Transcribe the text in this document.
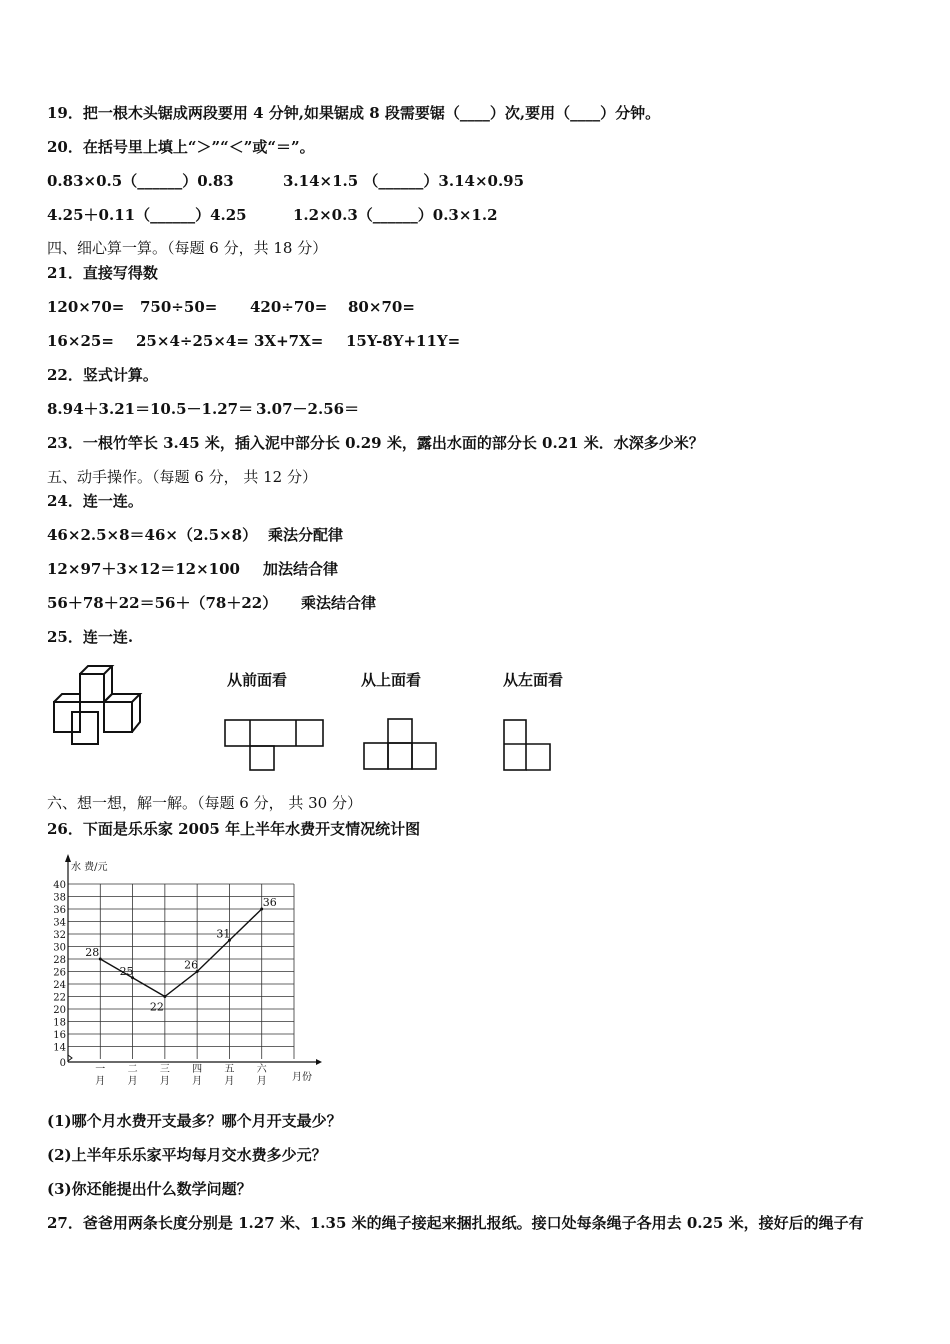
19．把一根木头锯成两段要用 4 分钟,如果锯成 8 段需要锯（____）次,要用（____）分钟。
20．在括号里上填上“＞”“＜”或“＝”。
0.83×0.5（______）0.83	3.14×1.5 （______）3.14×0.95
4.25＋0.11（______）4.25	1.2×0.3（______）0.3×1.2
四、细心算一算。（每题 6 分，共 18 分）
21．直接写得数
120×70= 750÷50= 420÷70= 80×70=
16×25= 25×4÷25×4= 3X+7X= 15Y-8Y+11Y=
22．竖式计算。
8.94＋3.21＝ 10.5－1.27＝ 3.07－2.56＝
23．一根竹竿长 3.45 米，插入泥中部分长 0.29 米，露出水面的部分长 0.21 米．水深多少米？
五、动手操作。（每题 6 分， 共 12 分）
24．连一连。
46×2.5×8＝46×（2.5×8） 乘法分配律
12×97＋3×12＝12×100 加法结合律
56＋78＋22＝56＋（78＋22） 乘法结合律
25．连一连.
从前面看	从上面看	从左面看
六、想一想，解一解。（每题 6 分， 共 30 分）
26．下面是乐乐家 2005 年上半年水费开支情况统计图
0
14
16
18
20
22
24
26
28
30
32
34
36
38
40
水 费/元
月份
一月
二月
三月
四月
五月
六月
28
25
22
26
31
36
(1)哪个月水费开支最多？哪个月开支最少？
(2)上半年乐乐家平均每月交水费多少元？
(3)你还能提出什么数学问题？
27．爸爸用两条长度分别是 1.27 米、1.35 米的绳子接起来捆扎报纸。接口处每条绳子各用去 0.25 米，接好后的绳子有
